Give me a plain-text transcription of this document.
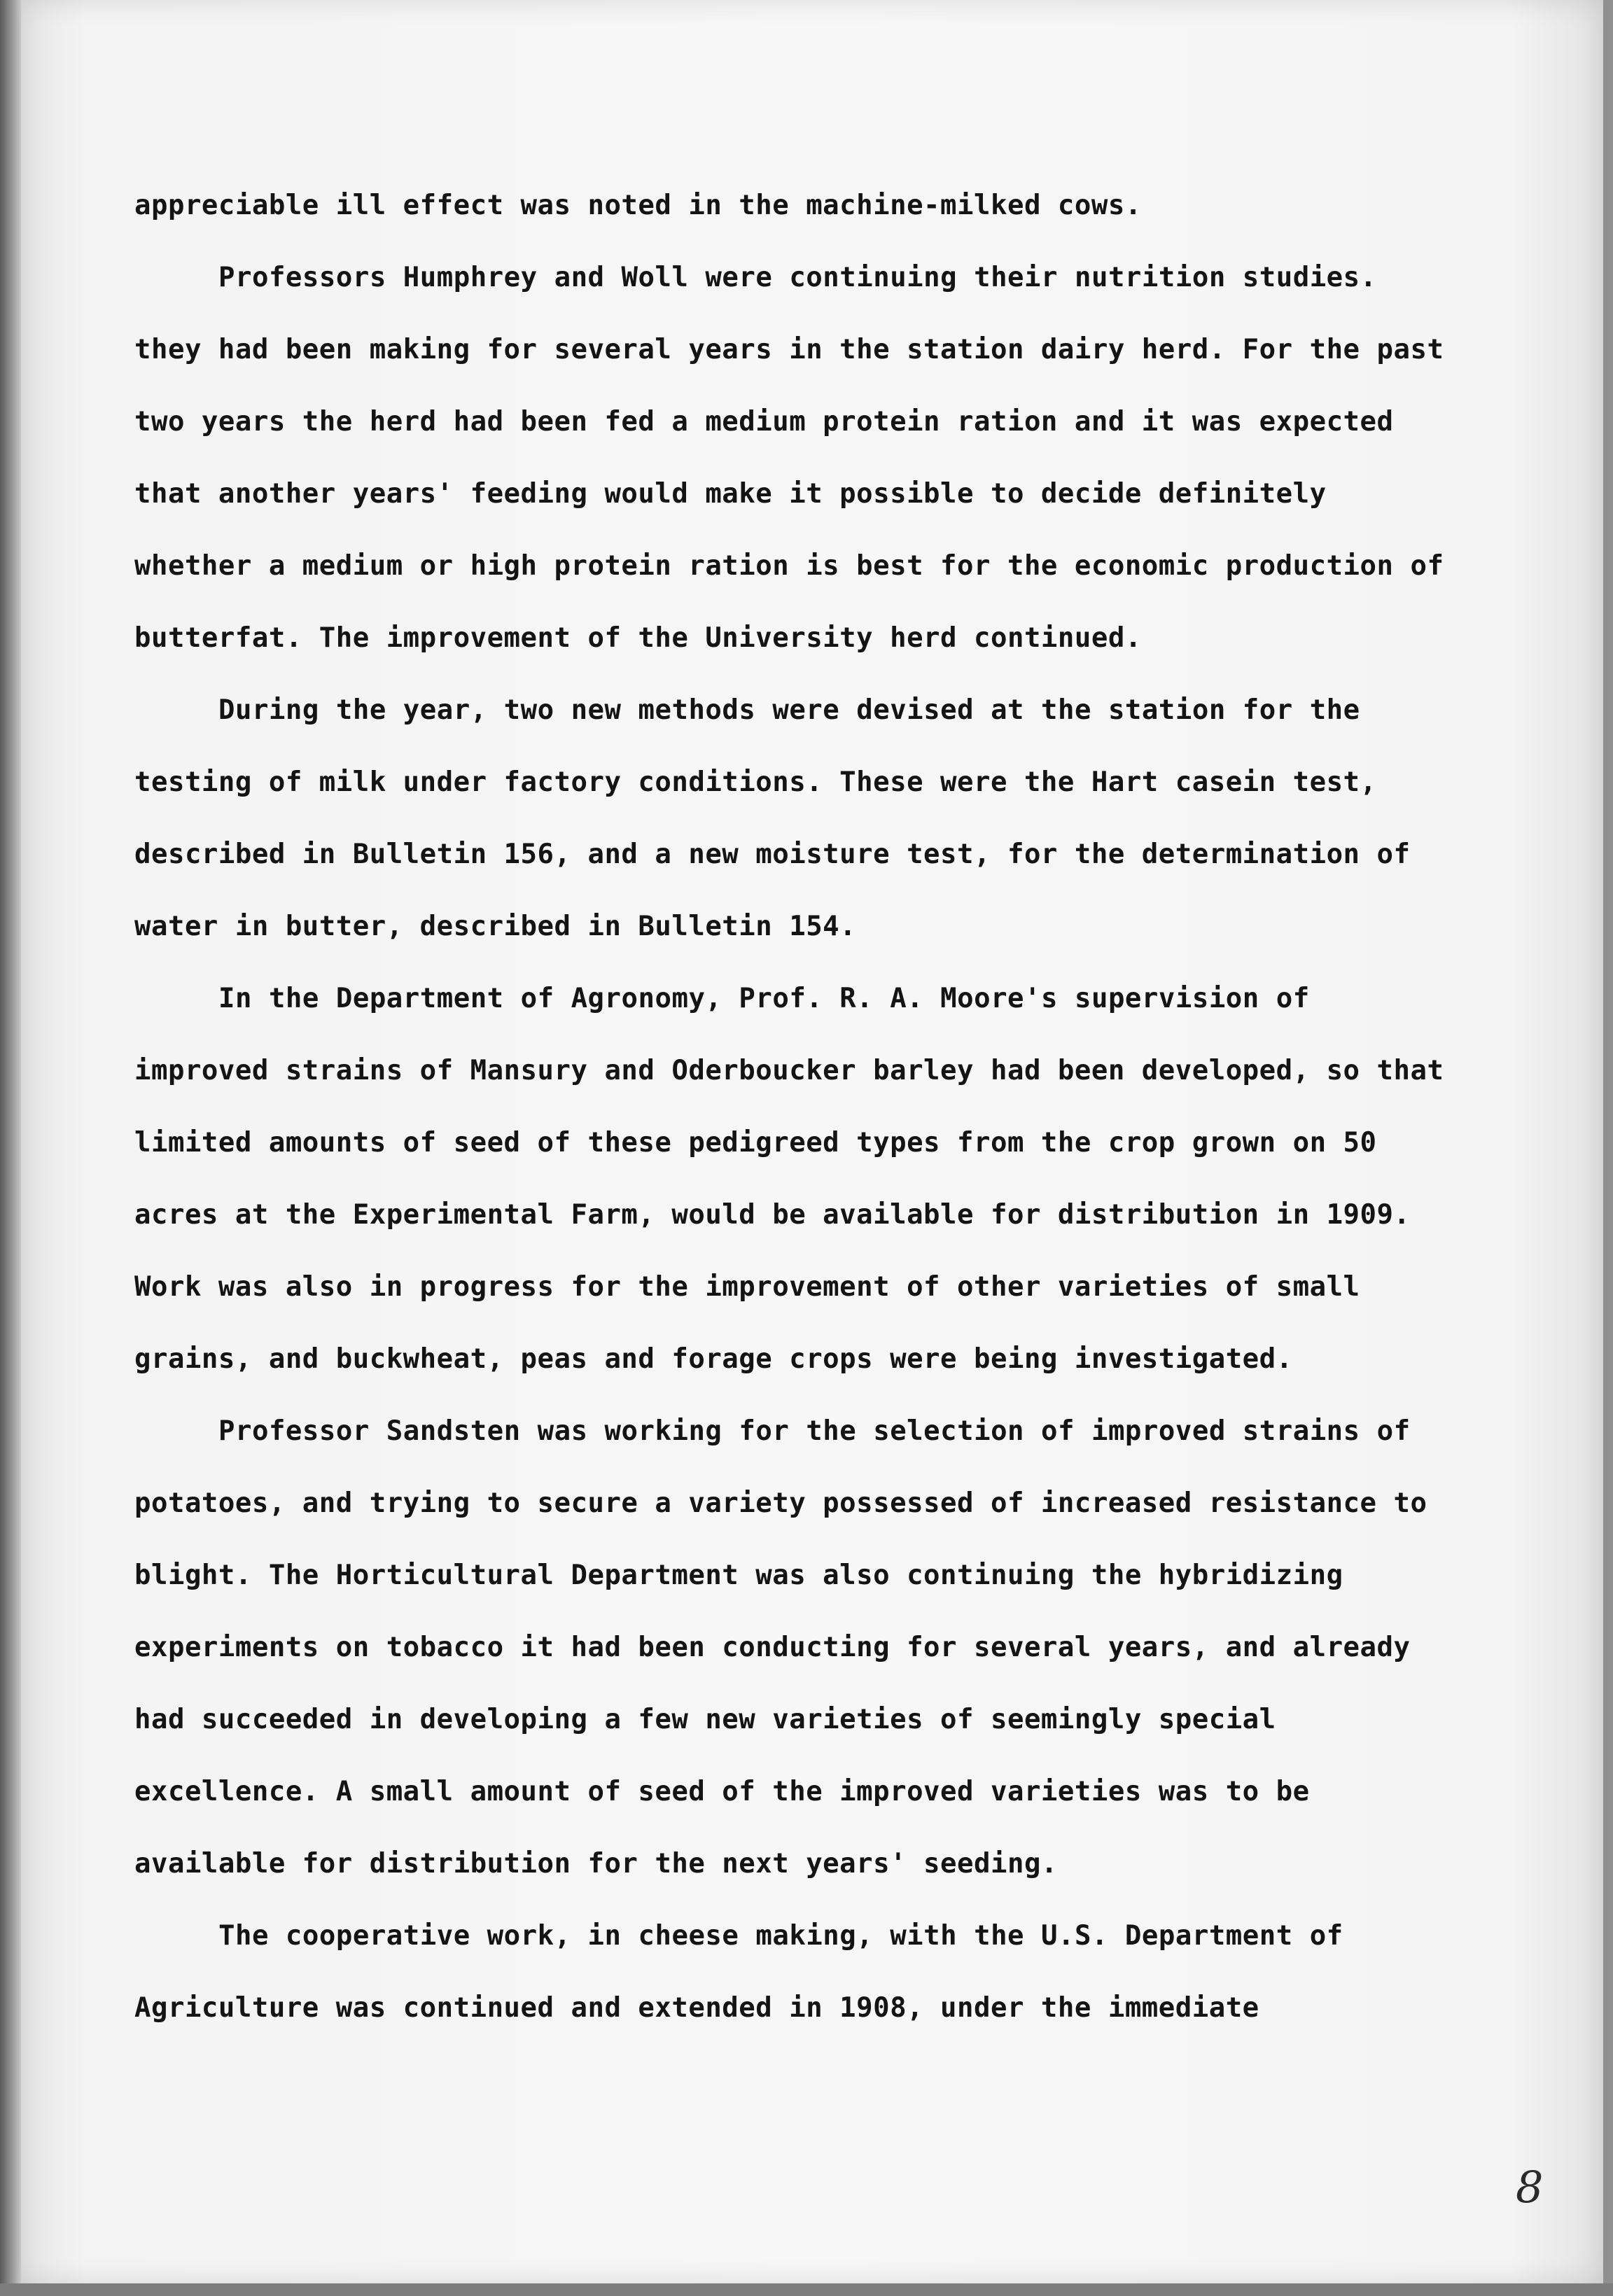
appreciable ill effect was noted in the machine-milked cows.

Professors Humphrey and Woll were continuing their nutrition studies. they had been making for several years in the station dairy herd. For the past two years the herd had been fed a medium protein ration and it was expected that another years' feeding would make it possible to decide definitely whether a medium or high protein ration is best for the economic production of butterfat. The improvement of the University herd continued.

During the year, two new methods were devised at the station for the testing of milk under factory conditions. These were the Hart casein test, described in Bulletin 156, and a new moisture test, for the determination of water in butter, described in Bulletin 154.

In the Department of Agronomy, Prof. R. A. Moore's supervision of improved strains of Mansury and Oderboucker barley had been developed, so that limited amounts of seed of these pedigreed types from the crop grown on 50 acres at the Experimental Farm, would be available for distribution in 1909. Work was also in progress for the improvement of other varieties of small grains, and buckwheat, peas and forage crops were being investigated.

Professor Sandsten was working for the selection of improved strains of potatoes, and trying to secure a variety possessed of increased resistance to blight. The Horticultural Department was also continuing the hybridizing experiments on tobacco it had been conducting for several years, and already had succeeded in developing a few new varieties of seemingly special excellence. A small amount of seed of the improved varieties was to be available for distribution for the next years' seeding.

The cooperative work, in cheese making, with the U.S. Department of Agriculture was continued and extended in 1908, under the immediate

8
